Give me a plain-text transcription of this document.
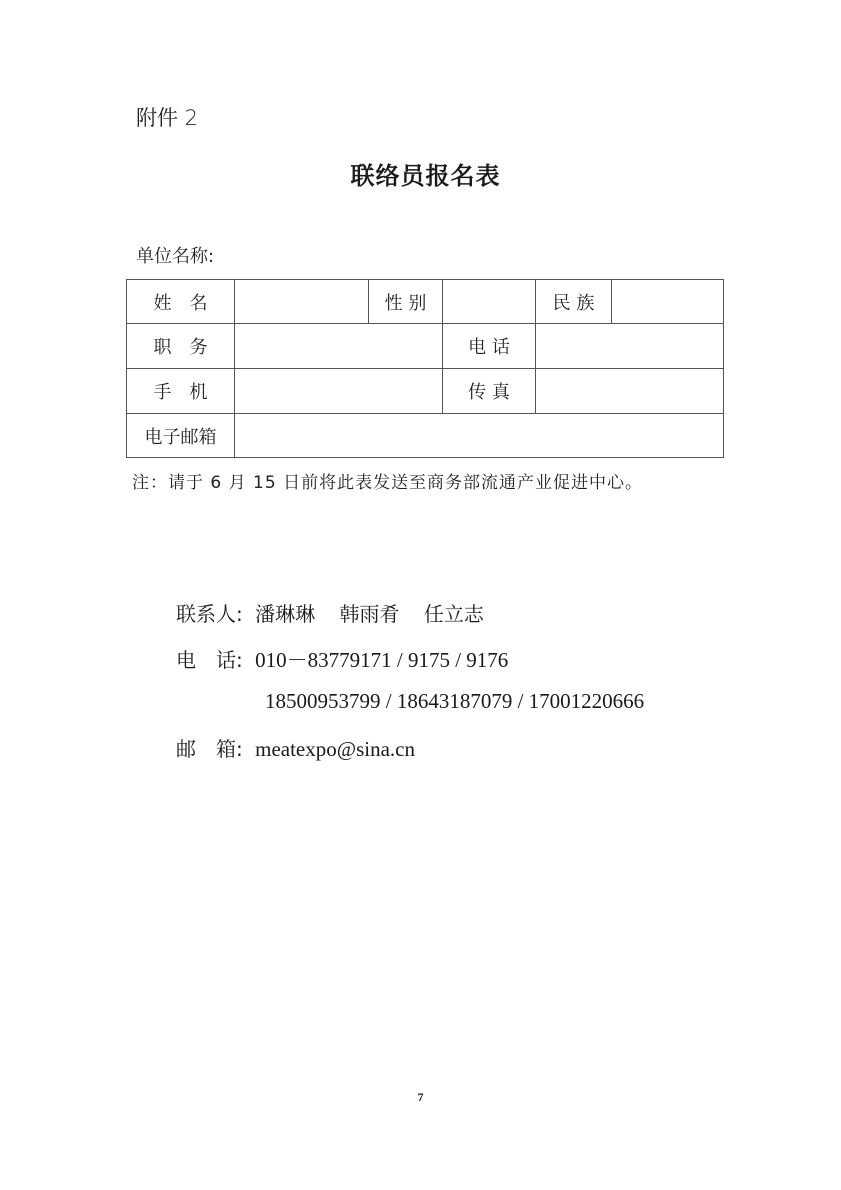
附件 2
联络员报名表
单位名称:
姓　名	性 别	民 族
职　务	电 话
手　机	传 真
电子邮箱
注：请于 6 月 15 日前将此表发送至商务部流通产业促进中心。
联系人: 潘琳琳 韩雨肴 任立志
电　话: 010－83779171 / 9175 / 9176
18500953799 / 18643187079 / 17001220666
邮　箱: meatexpo@sina.cn
7
